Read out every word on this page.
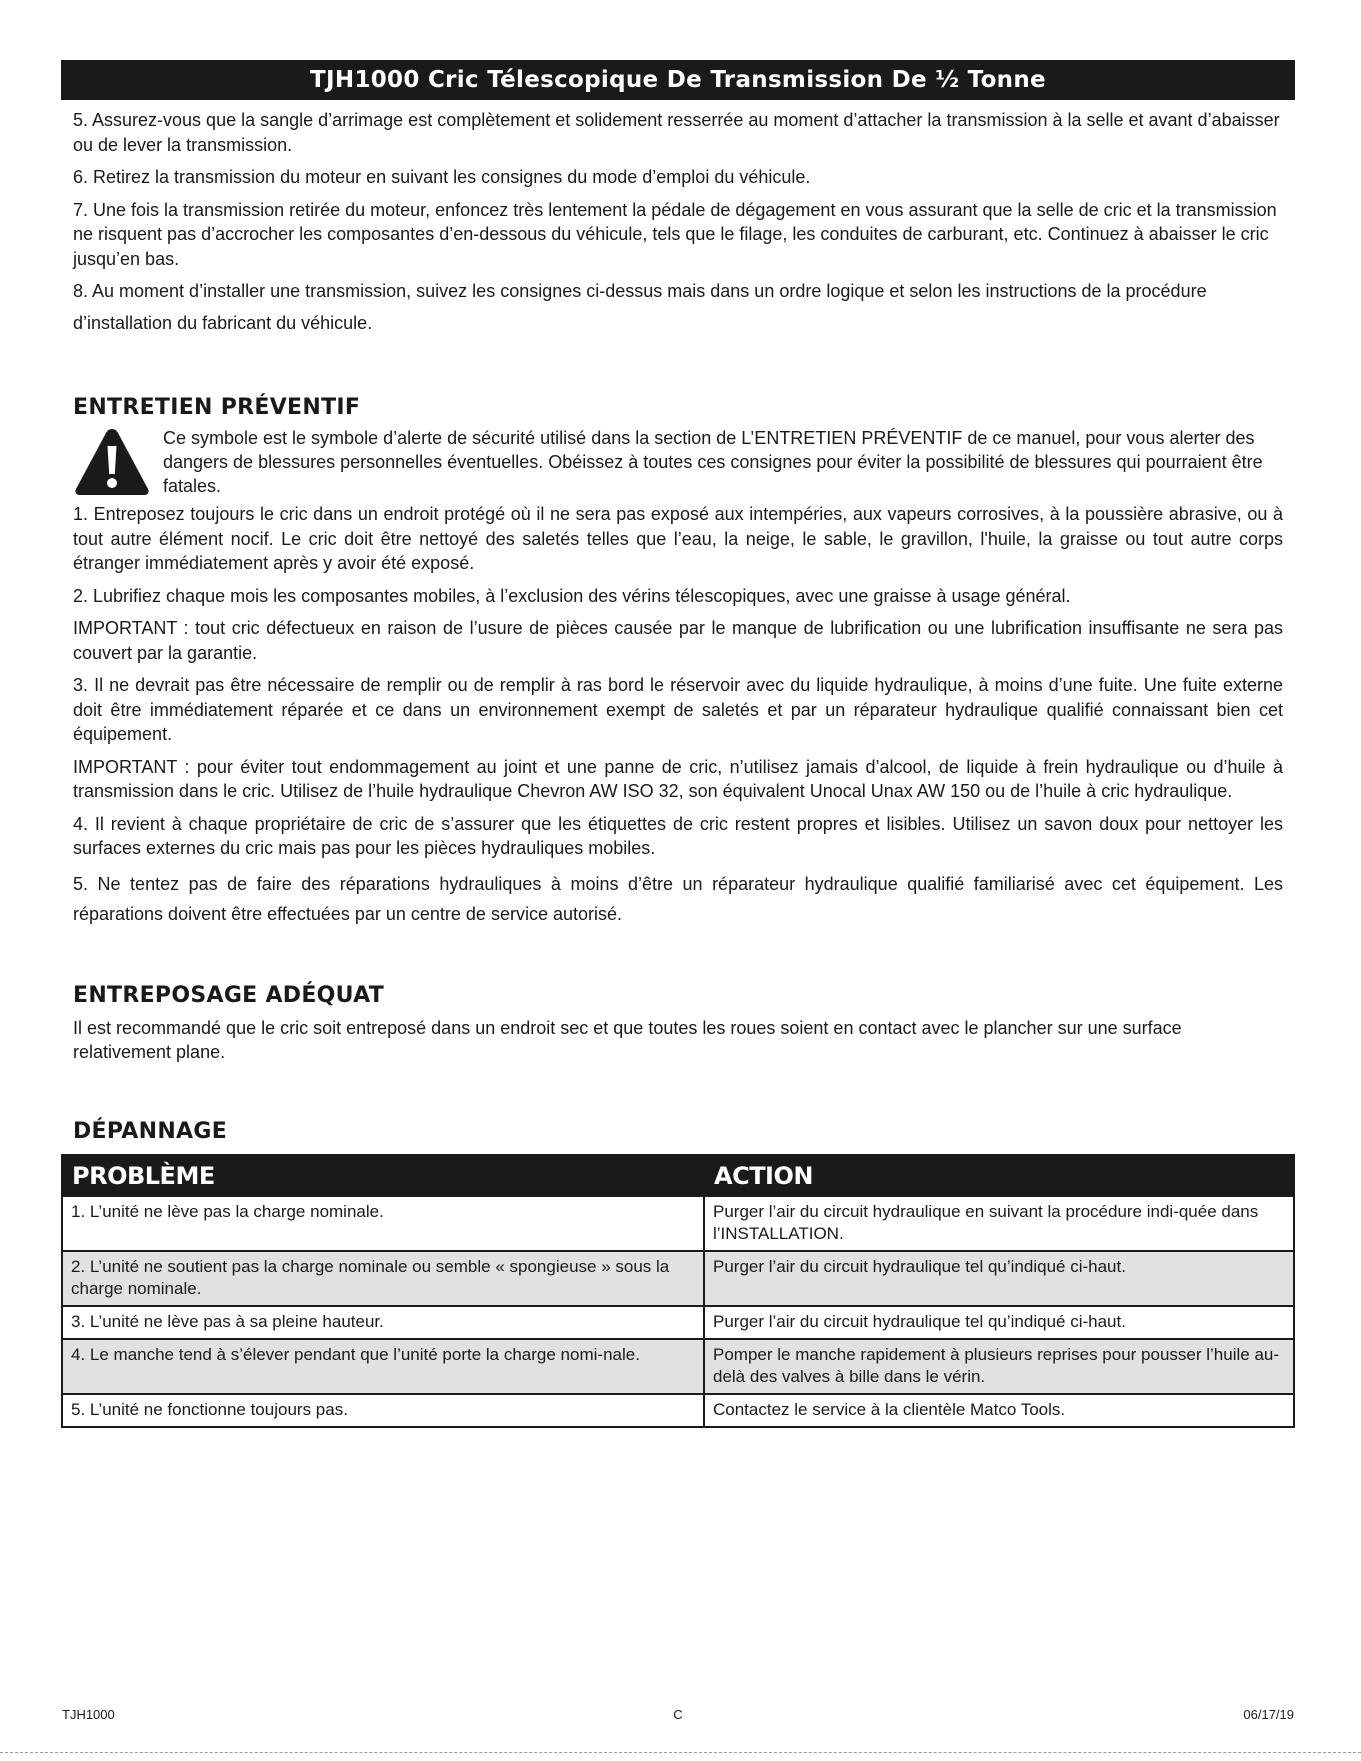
TJH1000 Cric Télescopique De Transmission De ½ Tonne

5. Assurez-vous que la sangle d’arrimage est complètement et solidement resserrée au moment d’attacher la transmission à la selle et avant d’abaisser ou de lever la transmission.

6. Retirez la transmission du moteur en suivant les consignes du mode d’emploi du véhicule.

7. Une fois la transmission retirée du moteur, enfoncez très lentement la pédale de dégagement en vous assurant que la selle de cric et la transmission ne risquent pas d’accrocher les composantes d’en-dessous du véhicule, tels que le filage, les conduites de carburant, etc. Continuez à abaisser le cric jusqu’en bas.

8. Au moment d’installer une transmission, suivez les consignes ci-dessus mais dans un ordre logique et selon les instructions de la procédure d’installation du fabricant du véhicule.

ENTRETIEN PRÉVENTIF

Ce symbole est le symbole d’alerte de sécurité utilisé dans la section de L’ENTRETIEN PRÉVENTIF de ce manuel, pour vous alerter des dangers de blessures personnelles éventuelles. Obéissez à toutes ces consignes pour éviter la possibilité de blessures qui pourraient être fatales.

1. Entreposez toujours le cric dans un endroit protégé où il ne sera pas exposé aux intempéries, aux vapeurs corrosives, à la poussière abrasive, ou à tout autre élément nocif. Le cric doit être nettoyé des saletés telles que l’eau, la neige, le sable, le gravillon, l'huile, la graisse ou tout autre corps étranger immédiatement après y avoir été exposé.

2. Lubrifiez chaque mois les composantes mobiles, à l’exclusion des vérins télescopiques, avec une graisse à usage général.

IMPORTANT : tout cric défectueux en raison de l’usure de pièces causée par le manque de lubrification ou une lubrification insuffisante ne sera pas couvert par la garantie.

3. Il ne devrait pas être nécessaire de remplir ou de remplir à ras bord le réservoir avec du liquide hydraulique, à moins d’une fuite. Une fuite externe doit être immédiatement réparée et ce dans un environnement exempt de saletés et par un réparateur hydraulique qualifié connaissant bien cet équipement.

IMPORTANT : pour éviter tout endommagement au joint et une panne de cric, n’utilisez jamais d’alcool, de liquide à frein hydraulique ou d’huile à transmission dans le cric. Utilisez de l’huile hydraulique Chevron AW ISO 32, son équivalent Unocal Unax AW 150 ou de l’huile à cric hydraulique.

4. Il revient à chaque propriétaire de cric de s’assurer que les étiquettes de cric restent propres et lisibles. Utilisez un savon doux pour nettoyer les surfaces externes du cric mais pas pour les pièces hydrauliques mobiles.

5. Ne tentez pas de faire des réparations hydrauliques à moins d’être un réparateur hydraulique qualifié familiarisé avec cet équipement. Les réparations doivent être effectuées par un centre de service autorisé.

ENTREPOSAGE ADÉQUAT

Il est recommandé que le cric soit entreposé dans un endroit sec et que toutes les roues soient en contact avec le plancher sur une surface relativement plane.

DÉPANNAGE
PROBLÈME	ACTION
1. L’unité ne lève pas la charge nominale.	Purger l’air du circuit hydraulique en suivant la procédure indi-quée dans l’INSTALLATION.
2. L’unité ne soutient pas la charge nominale ou semble « spongieuse » sous la charge nominale.	Purger l’air du circuit hydraulique tel qu’indiqué ci-haut.
3. L’unité ne lève pas à sa pleine hauteur.	Purger l’air du circuit hydraulique tel qu’indiqué ci-haut.
4. Le manche tend à s’élever pendant que l’unité porte la charge nomi-nale.	Pomper le manche rapidement à plusieurs reprises pour pousser l’huile au-delà des valves à bille dans le vérin.
5. L’unité ne fonctionne toujours pas.	Contactez le service à la clientèle Matco Tools.
TJH1000	C	06/17/19
